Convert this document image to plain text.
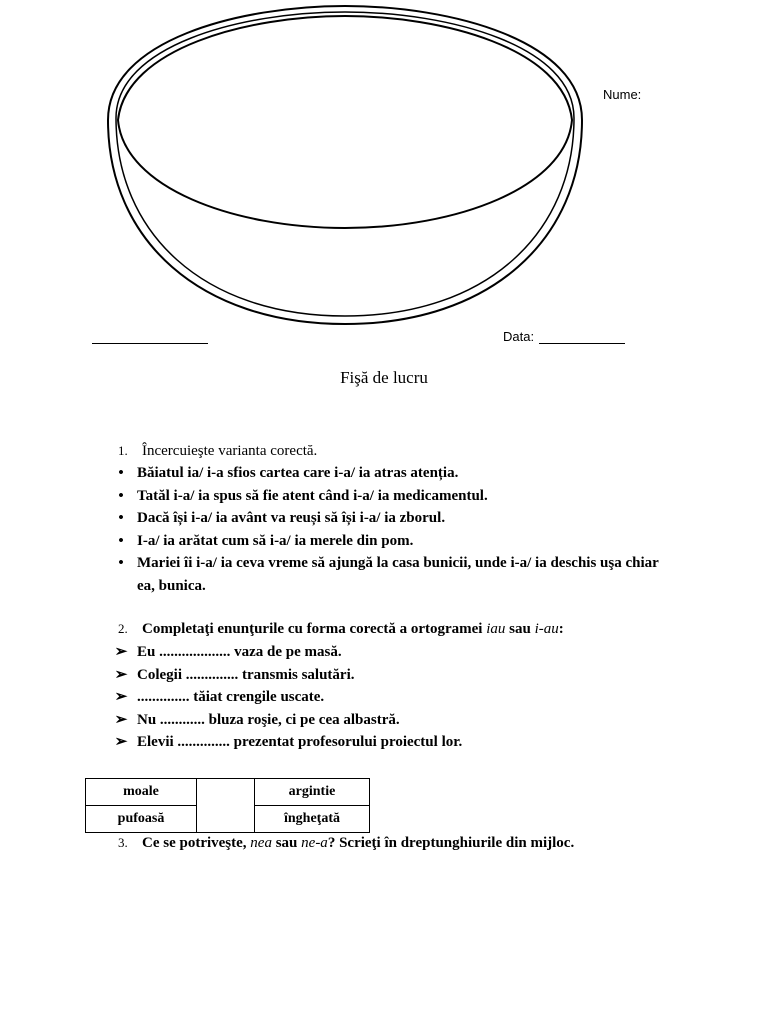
Nume:
Data:
Fişă de lucru
1. Încercuieşte varianta corectă.
• Băiatul ia/ i-a sfios cartea care i-a/ ia atras atenția.
• Tatăl i-a/ ia spus să fie atent când i-a/ ia medicamentul.
• Dacă își i-a/ ia avânt va reuși să își i-a/ ia zborul.
• I-a/ ia arătat cum să i-a/ ia merele din pom.
• Mariei îi i-a/ ia ceva vreme să ajungă la casa bunicii, unde i-a/ ia deschis uşa chiar ea, bunica.
2. Completaţi enunţurile cu forma corectă a ortogramei iau sau i-au:
➢ Eu ................... vaza de pe masă.
➢ Colegii .............. transmis salutări.
➢ .............. tăiat crengile uscate.
➢ Nu ............ bluza roşie, ci pe cea albastră.
➢ Elevii .............. prezentat profesorului proiectul lor.
moale		argintie
pufoasă		îngheţată
3. Ce se potriveşte, nea sau ne-a? Scrieţi în dreptunghiurile din mijloc.
